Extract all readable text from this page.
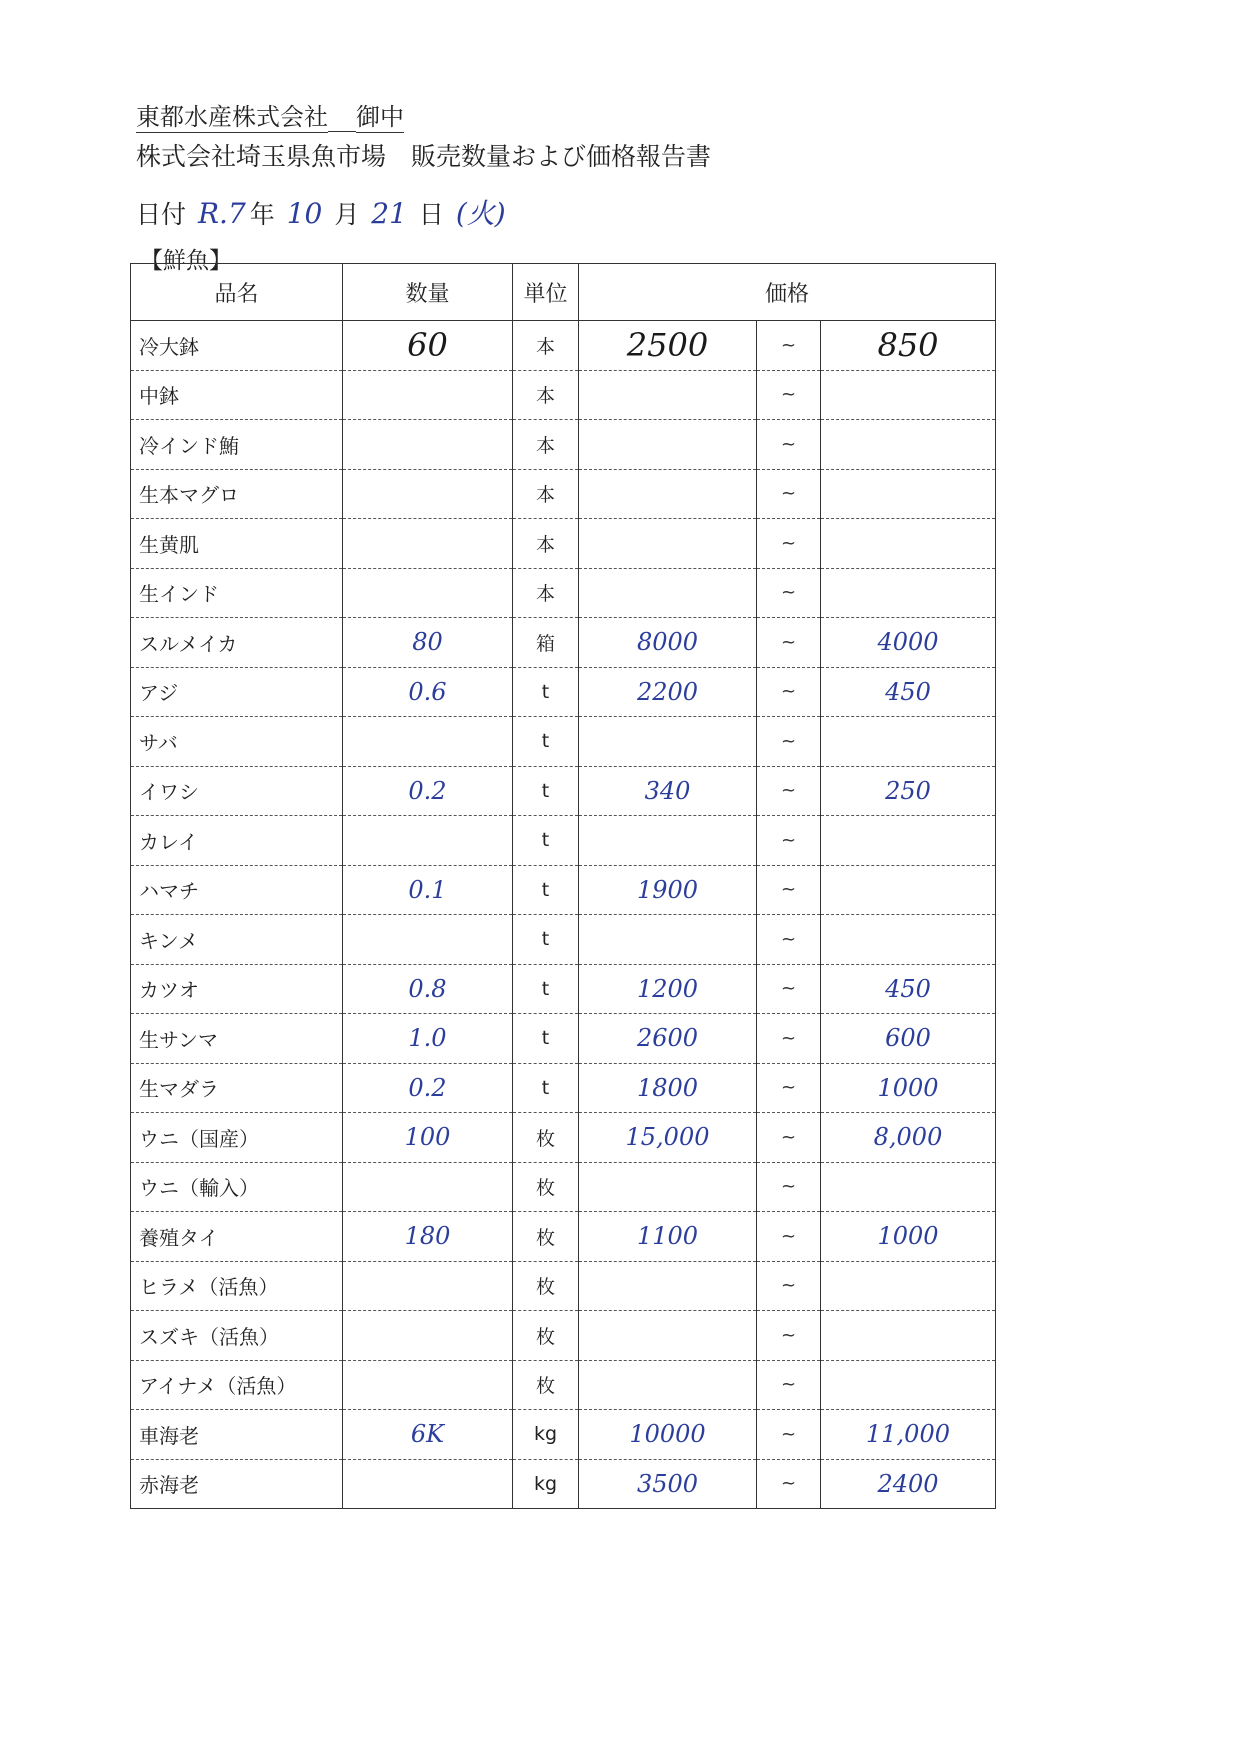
東都水産株式会社 御中
株式会社埼玉県魚市場　販売数量および価格報告書
日付 R.7 年 10 月 21 日 (火)
【鮮魚】
品名	数量	単位	価格		
冷大鉢	60	本	2500	~	850
中鉢		本		~	
冷インド鮪		本		~	
生本マグロ		本		~	
生黄肌		本		~	
生インド		本		~	
スルメイカ	80	箱	8000	~	4000
アジ	0.6	t	2200	~	450
サバ		t		~	
イワシ	0.2	t	340	~	250
カレイ		t		~	
ハマチ	0.1	t	1900	~	
キンメ		t		~	
カツオ	0.8	t	1200	~	450
生サンマ	1.0	t	2600	~	600
生マダラ	0.2	t	1800	~	1000
ウニ（国産）	100	枚	15,000	~	8,000
ウニ（輸入）		枚		~	
養殖タイ	180	枚	1100	~	1000
ヒラメ（活魚）		枚		~	
スズキ（活魚）		枚		~	
アイナメ（活魚）		枚		~	
車海老	6K	kg	10000	~	11,000
赤海老		kg	3500	~	2400
